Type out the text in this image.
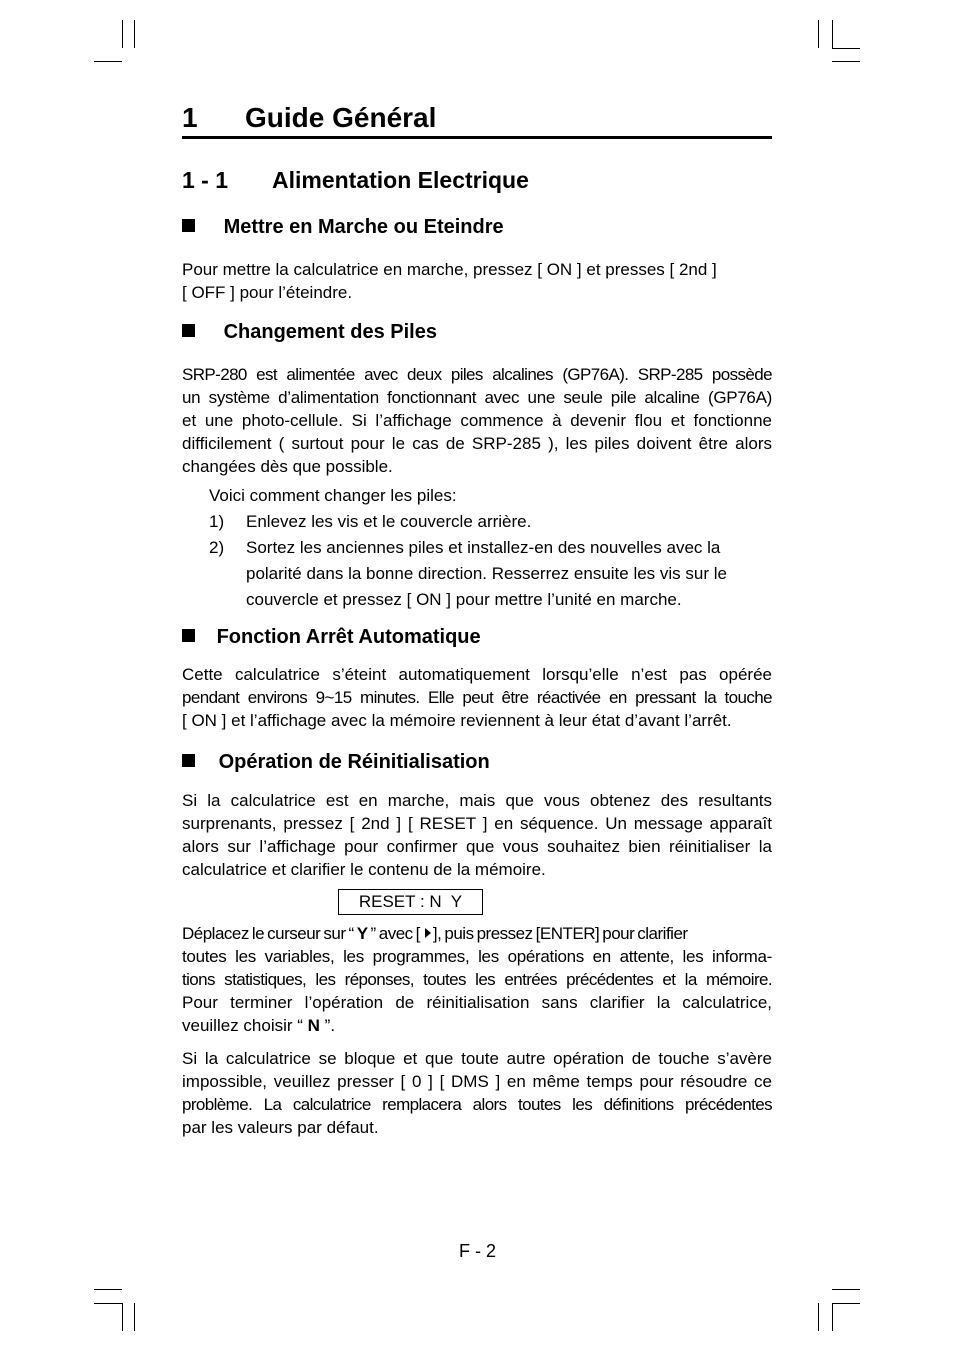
1 Guide Général
1 - 1 Alimentation Electrique
Mettre en Marche ou Eteindre
Pour mettre la calculatrice en marche, pressez [ ON ] et presses [ 2nd ]
[ OFF ] pour l’éteindre.
Changement des Piles
SRP-280 est alimentée avec deux piles alcalines (GP76A). SRP-285 possède
un système d’alimentation fonctionnant avec une seule pile alcaline (GP76A)
et une photo-cellule. Si l’affichage commence à devenir flou et fonctionne
difficilement ( surtout pour le cas de SRP-285 ), les piles doivent être alors
changées dès que possible.
Voici comment changer les piles:
1) Enlevez les vis et le couvercle arrière.
2) Sortez les anciennes piles et installez-en des nouvelles avec la
polarité dans la bonne direction. Resserrez ensuite les vis sur le
couvercle et pressez [ ON ] pour mettre l’unité en marche.
Fonction Arrêt Automatique
Cette calculatrice s’éteint automatiquement lorsqu’elle n’est pas opérée
pendant environs 9~15 minutes. Elle peut être réactivée en pressant la touche
[ ON ] et l’affichage avec la mémoire reviennent à leur état d’avant l’arrêt.
Opération de Réinitialisation
Si la calculatrice est en marche, mais que vous obtenez des resultants
surprenants, pressez [ 2nd ] [ RESET ] en séquence. Un message apparaît
alors sur l’affichage pour confirmer que vous souhaitez bien réinitialiser la
calculatrice et clarifier le contenu de la mémoire.
RESET : N  Y
Déplacez le curseur sur “ Y ” avec [ ], puis pressez [ENTER] pour clarifier
toutes les variables, les programmes, les opérations en attente, les informa-
tions statistiques, les réponses, toutes les entrées précédentes et la mémoire.
Pour terminer l’opération de réinitialisation sans clarifier la calculatrice,
veuillez choisir “ N ”.
Si la calculatrice se bloque et que toute autre opération de touche s’avère
impossible, veuillez presser [ 0 ] [ DMS ] en même temps pour résoudre ce
problème. La calculatrice remplacera alors toutes les définitions précédentes
par les valeurs par défaut.
F - 2
